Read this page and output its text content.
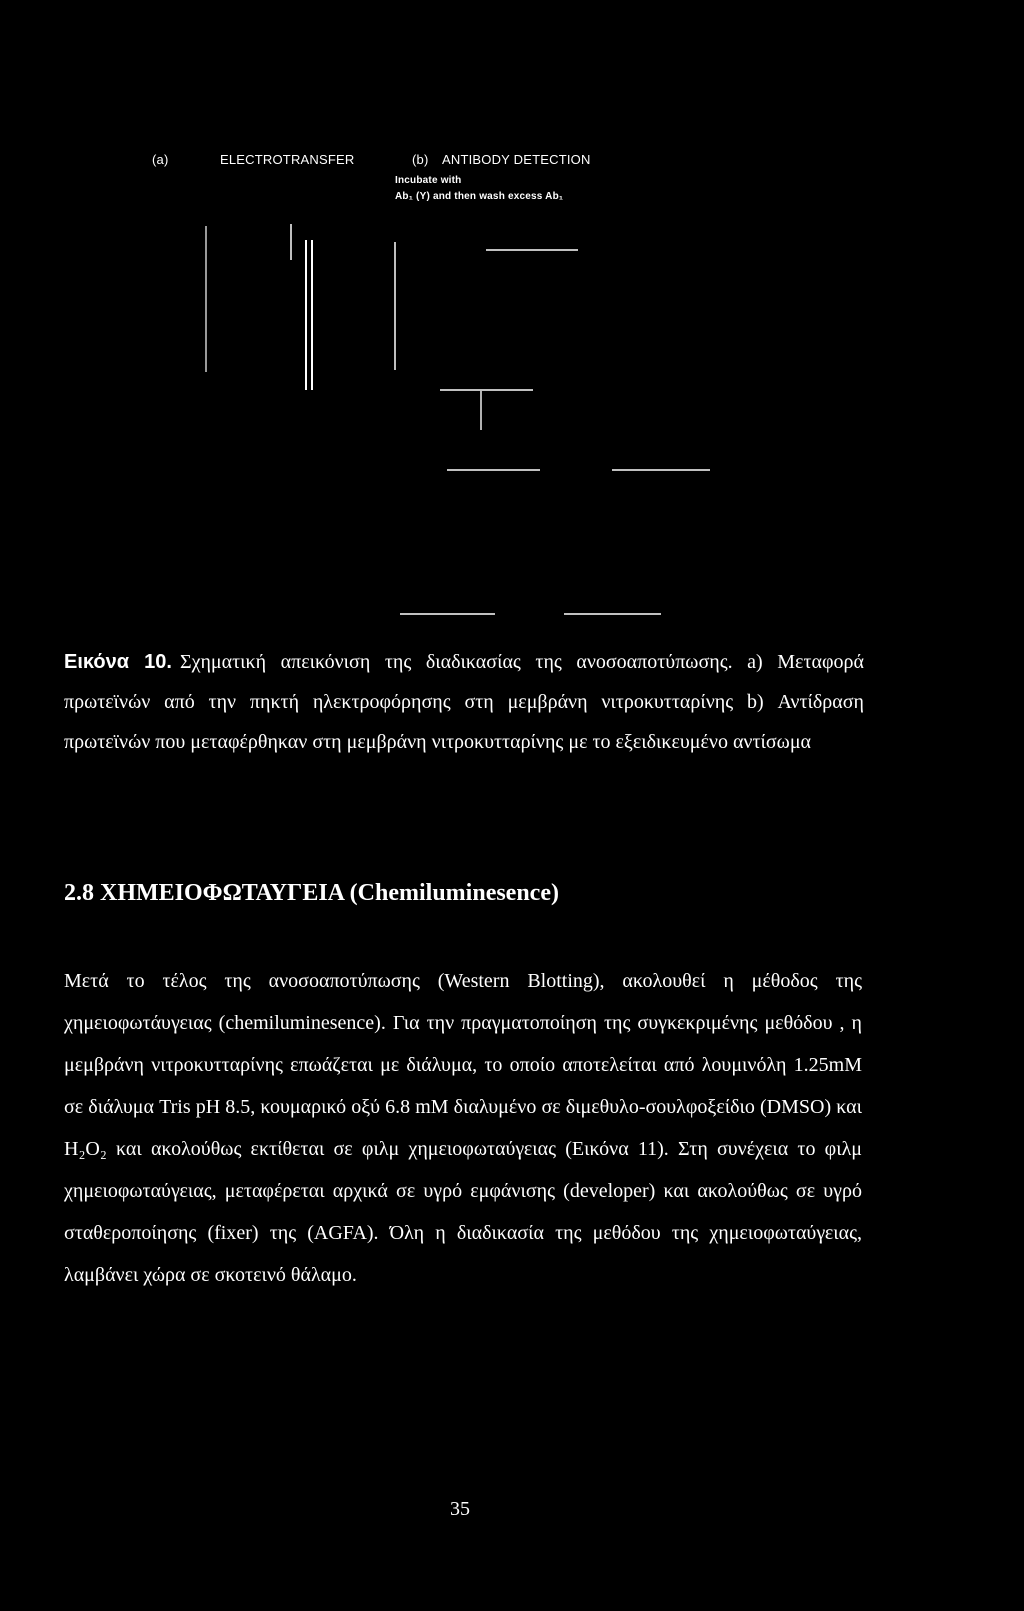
(a)	ELECTROTRANSFER	(b) ANTIBODY DETECTION
Incubate with
Ab₁ (Y) and then wash excess Ab₁
Εικόνα 10. Σχηματική απεικόνιση της διαδικασίας της ανοσοαποτύπωσης. a) Μεταφορά πρωτεϊνών από την πηκτή ηλεκτροφόρησης στη μεμβράνη νιτροκυτταρίνης b) Αντίδραση πρωτεϊνών που μεταφέρθηκαν στη μεμβράνη νιτροκυτταρίνης με το εξειδικευμένο αντίσωμα
2.8 ΧΗΜΕΙΟΦΩΤΑΥΓΕΙΑ (Chemiluminesence)
Μετά το τέλος της ανοσοαποτύπωσης (Western Blotting), ακολουθεί η μέθοδος της χημειοφωτάυγειας (chemiluminesence). Για την πραγματοποίηση της συγκεκριμένης μεθόδου , η μεμβράνη νιτροκυτταρίνης επωάζεται με διάλυμα, το οποίο αποτελείται από λουμινόλη 1.25mM σε διάλυμα Tris pH 8.5, κουμαρικό οξύ 6.8 mM διαλυμένο σε διμεθυλο-σουλφοξείδιο (DMSO) και H₂O₂ και ακολούθως εκτίθεται σε φιλμ χημειοφωταύγειας (Εικόνα 11). Στη συνέχεια το φιλμ χημειοφωταύγειας, μεταφέρεται αρχικά σε υγρό εμφάνισης (developer) και ακολούθως σε υγρό σταθεροποίησης (fixer) της (AGFA). Όλη η διαδικασία της μεθόδου της χημειοφωταύγειας, λαμβάνει χώρα σε σκοτεινό θάλαμο.
35
